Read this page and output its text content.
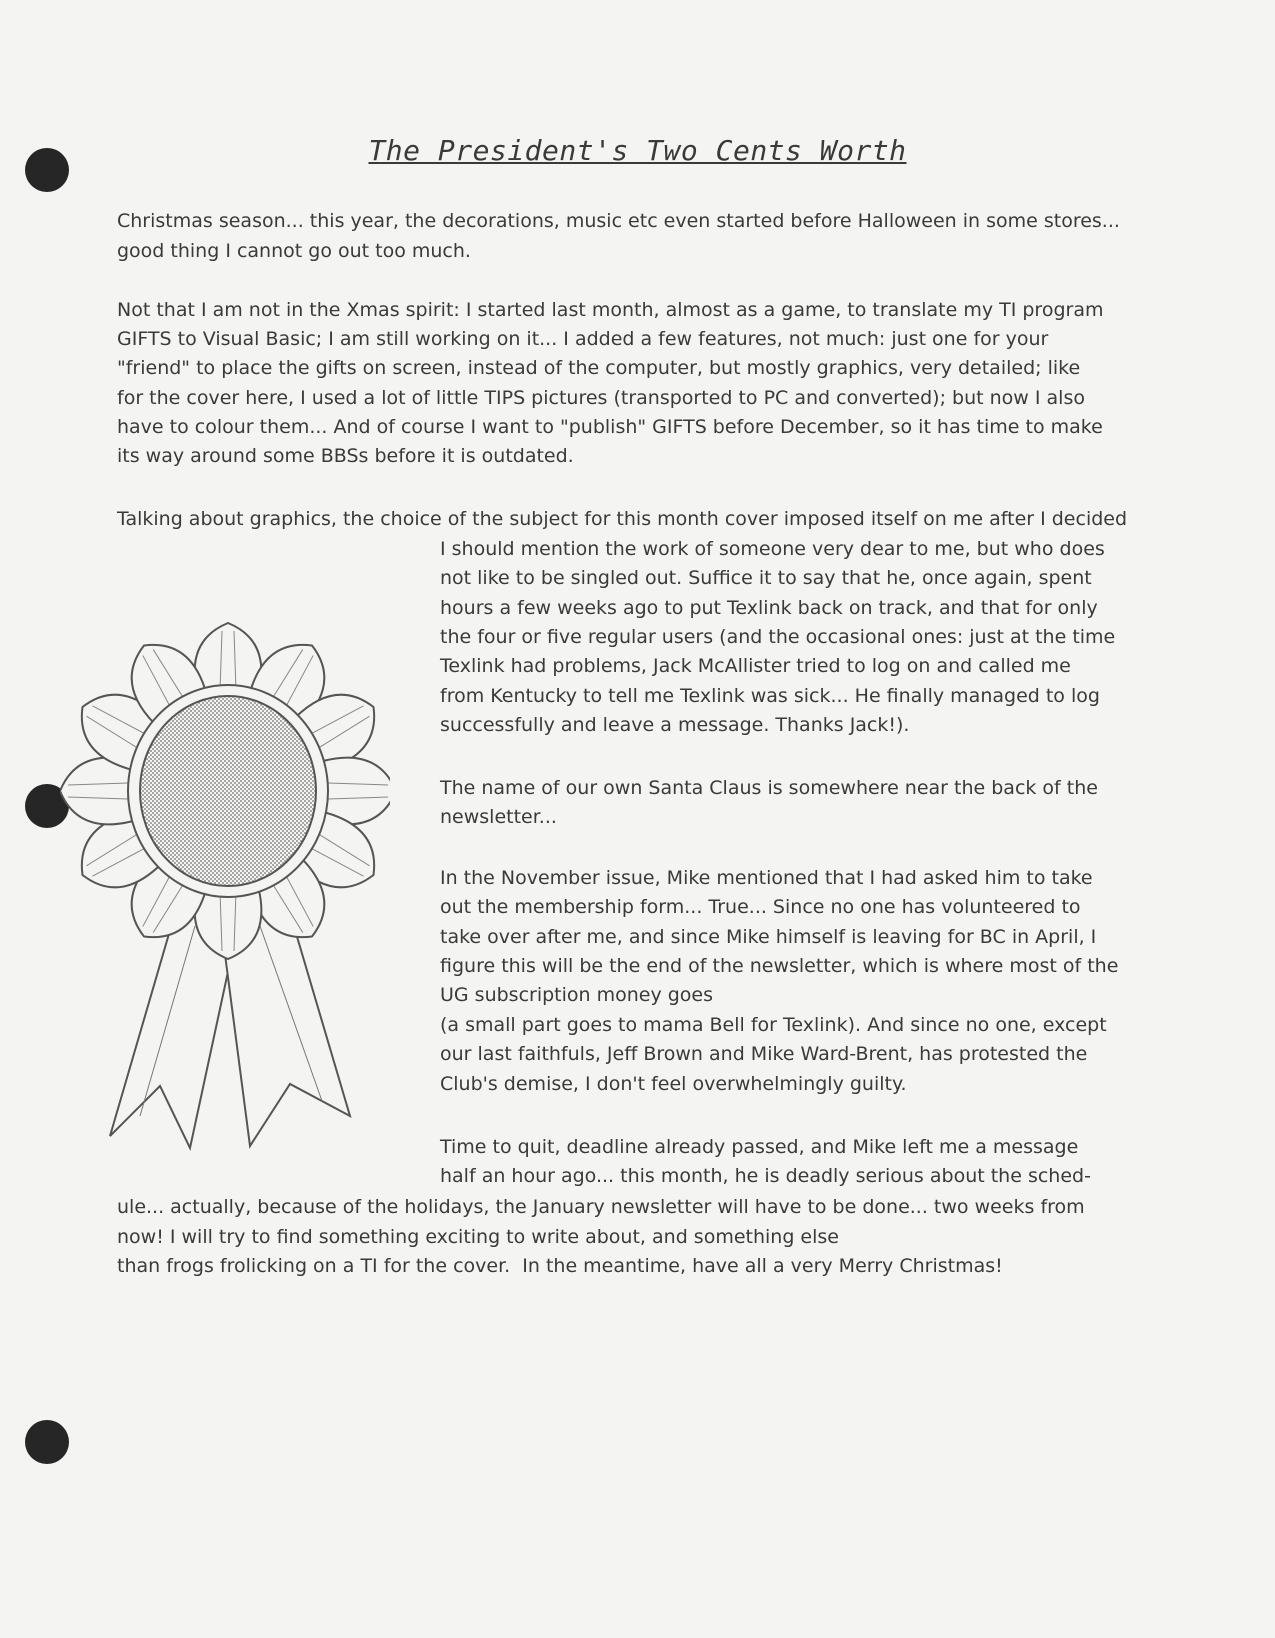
The President's Two Cents Worth
Christmas season... this year, the decorations, music etc even started before Halloween in some stores...
good thing I cannot go out too much.
Not that I am not in the Xmas spirit: I started last month, almost as a game, to translate my TI program
GIFTS to Visual Basic; I am still working on it... I added a few features, not much: just one for your
"friend" to place the gifts on screen, instead of the computer, but mostly graphics, very detailed; like
for the cover here, I used a lot of little TIPS pictures (transported to PC and converted); but now I also
have to colour them... And of course I want to "publish" GIFTS before December, so it has time to make
its way around some BBSs before it is outdated.
Talking about graphics, the choice of the subject for this month cover imposed itself on me after I decided
I should mention the work of someone very dear to me, but who does
not like to be singled out. Suffice it to say that he, once again, spent
hours a few weeks ago to put Texlink back on track, and that for only
the four or five regular users (and the occasional ones: just at the time
Texlink had problems, Jack McAllister tried to log on and called me
from Kentucky to tell me Texlink was sick... He finally managed to log
successfully and leave a message. Thanks Jack!).
The name of our own Santa Claus is somewhere near the back of the
newsletter...
In the November issue, Mike mentioned that I had asked him to take
out the membership form... True... Since no one has volunteered to
take over after me, and since Mike himself is leaving for BC in April, I
figure this will be the end of the newsletter, which is where most of the
UG subscription money goes
(a small part goes to mama Bell for Texlink). And since no one, except
our last faithfuls, Jeff Brown and Mike Ward-Brent, has protested the
Club's demise, I don't feel overwhelmingly guilty.
Time to quit, deadline already passed, and Mike left me a message
half an hour ago... this month, he is deadly serious about the sched-
ule... actually, because of the holidays, the January newsletter will have to be done... two weeks from
now! I will try to find something exciting to write about, and something else
than frogs frolicking on a TI for the cover.  In the meantime, have all a very Merry Christmas!
